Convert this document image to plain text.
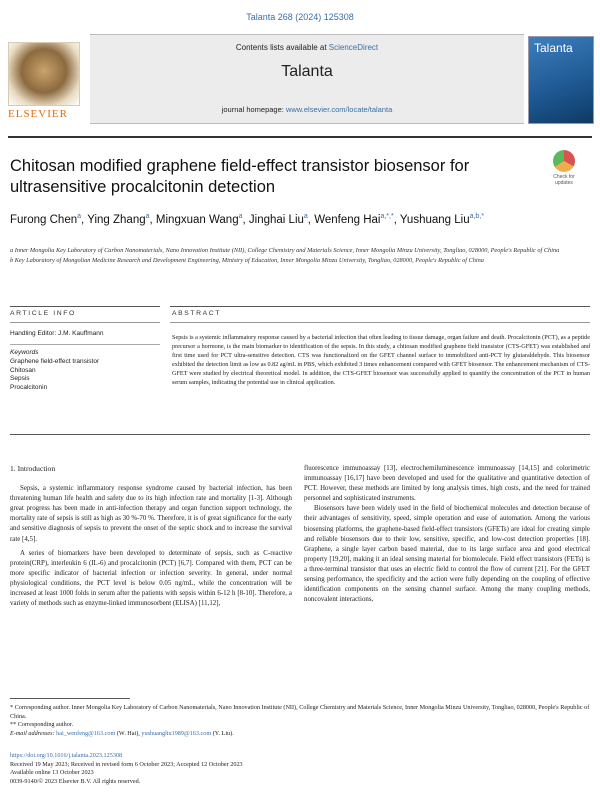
Talanta 268 (2024) 125308
ELSEVIER
Contents lists available at ScienceDirect
Talanta
journal homepage: www.elsevier.com/locate/talanta
Talanta
Chitosan modified graphene field-effect transistor biosensor for ultrasensitive procalcitonin detection
Check for updates
Furong Chen$^a$, Ying Zhang$^a$, Mingxuan Wang$^a$, Jinghai Liu$^a$, Wenfeng Hai$^{a,*,*}$, Yushuang Liu$^{a,b,*}$

a Inner Mongolia Key Laboratory of Carbon Nanomaterials, Nano Innovation Institute (NII), College Chemistry and Materials Science, Inner Mongolia Minzu University, Tongliao, 028000, People's Republic of China

b Key Laboratory of Mongolian Medicine Research and Development Engineering, Ministry of Education, Inner Mongolia Minzu University, Tongliao, 028000, People's Republic of China

ARTICLE INFO	ABSTRACT
Handling Editor: J.M. Kauffmann
Keywords
Graphene field-effect transistor
Chitosan
Sepsis
Procalcitonin
Sepsis is a systemic inflammatory response caused by a bacterial infection that often leading to tissue damage, organ failure and death. Procalcitonin (PCT), as a peptide precursor a hormone, is the main biomarker to identification of the sepsis. In this study, a chitosan modified graphene field transistor (CTS-GFET) was established and first time used for PCT ultra-sensitive detection. CTS was functionalized on the GFET channel surface to immobilized anti-PCT by glutaraldehyde. This biosensor exhibited the detection limit as low as 0.82 ag/mL in PBS, which exhibited 3 times enhancement compared with GFET biosensor. The enhancement mechanism of CTS-GFET were studied by electrical theoretical model. In addition, the CTS-GFET biosensor was successfully applied to quantify the concentration of the PCT in human serum samples, indicating the potential use in clinical application.

1. Introduction

Sepsis, a systemic inflammatory response syndrome caused by bacterial infection, has been threatening human life health and safety due to its high infection rate and mortality [1-3]. Although great progress has been made in anti-infection therapy and organ function support technology, the mortality rate of sepsis is still as high as 30 %-70 %. Therefore, it is of great significance for the early and sensitive diagnosis of sepsis to prevent the onset of the septic shock and to increase the survival rate [4,5].

A series of biomarkers have been developed to determinate of sepsis, such as C-reactive protein(CRP), interleukin 6 (IL-6) and procalcitonin (PCT) [6,7]. Compared with them, PCT can be more specific indicator of bacterial infection or infection severity. In general, under normal physiological conditions, the PCT level is below 0.05 ng/mL, while the concentration will be increased at least 1000 folds in serum after the patients with sepsis within 6-12 h [8-10]. Therefore, a variety of methods such as enzyme-linked immunosorbent (ELISA) [11,12],

fluorescence immunoassay [13], electrochemiluminescence immunoassay [14,15] and colorimetric immunoassay [16,17] have been developed and used for the qualitative and quantitative detection of PCT. However, these methods are limited by long analysis times, high costs, and the need for trained personnel and sophisticated instruments.

Biosensors have been widely used in the field of biochemical molecules and detection because of their advantages of sensitivity, speed, simple operation and ease of automation. Among the various biosensing platforms, the graphene-based field-effect transistors (GFETs) are ideal for creating simple and reliable biosensors due to their low, sensitive, specific, and low-cost detection properties [18]. Graphene, a single layer carbon based material, due to its large surface area and good electrical property [19,20], making it an ideal sensing material for biomolecule. Field effect transistors (FETs) is a three-terminal transistor that uses an electric field to control the flow of current [21]. For the GFET sensing performance, the specificity and the action were fully depending on the coupling of effective identification components on the sensing channel surface. Among the many coupling methods, noncovalent interactions,

* Corresponding author. Inner Mongolia Key Laboratory of Carbon Nanomaterials, Nano Innovation Institute (NII), College Chemistry and Materials Science, Inner Mongolia Minzu University, Tongliao, 028000, People's Republic of China.
** Corresponding author.
E-mail addresses: hai_wenfeng@163.com (W. Hai), yushuangliu1989@163.com (Y. Liu).
https://doi.org/10.1016/j.talanta.2023.125308
Received 19 May 2023; Received in revised form 6 October 2023; Accepted 12 October 2023
Available online 13 October 2023
0039-9140/© 2023 Elsevier B.V. All rights reserved.
